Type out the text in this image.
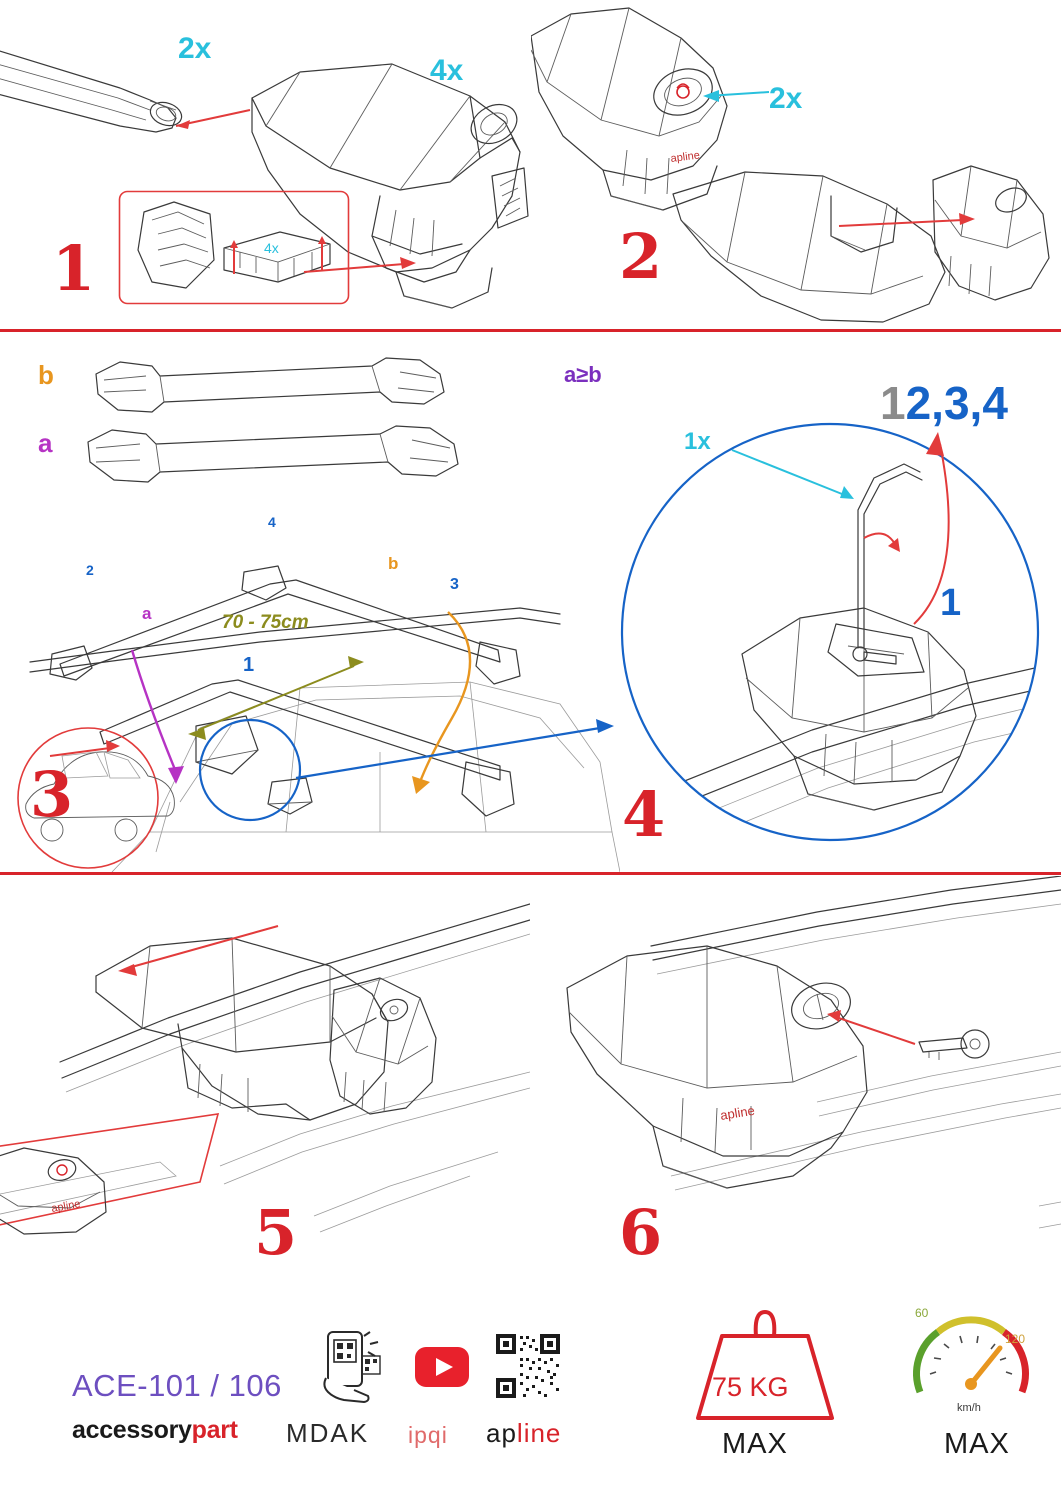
4x
2x
4x
1
apline
2x
2
b
a
a
b
70 - 75cm
1
2
3
4
3
a≥b
1x
12,3,4
1
4
apline	5
apline
6
ACE-101 / 106
accessorypart MDAK ipqi apline
75 KG
MAX
60
120
km/h
MAX
